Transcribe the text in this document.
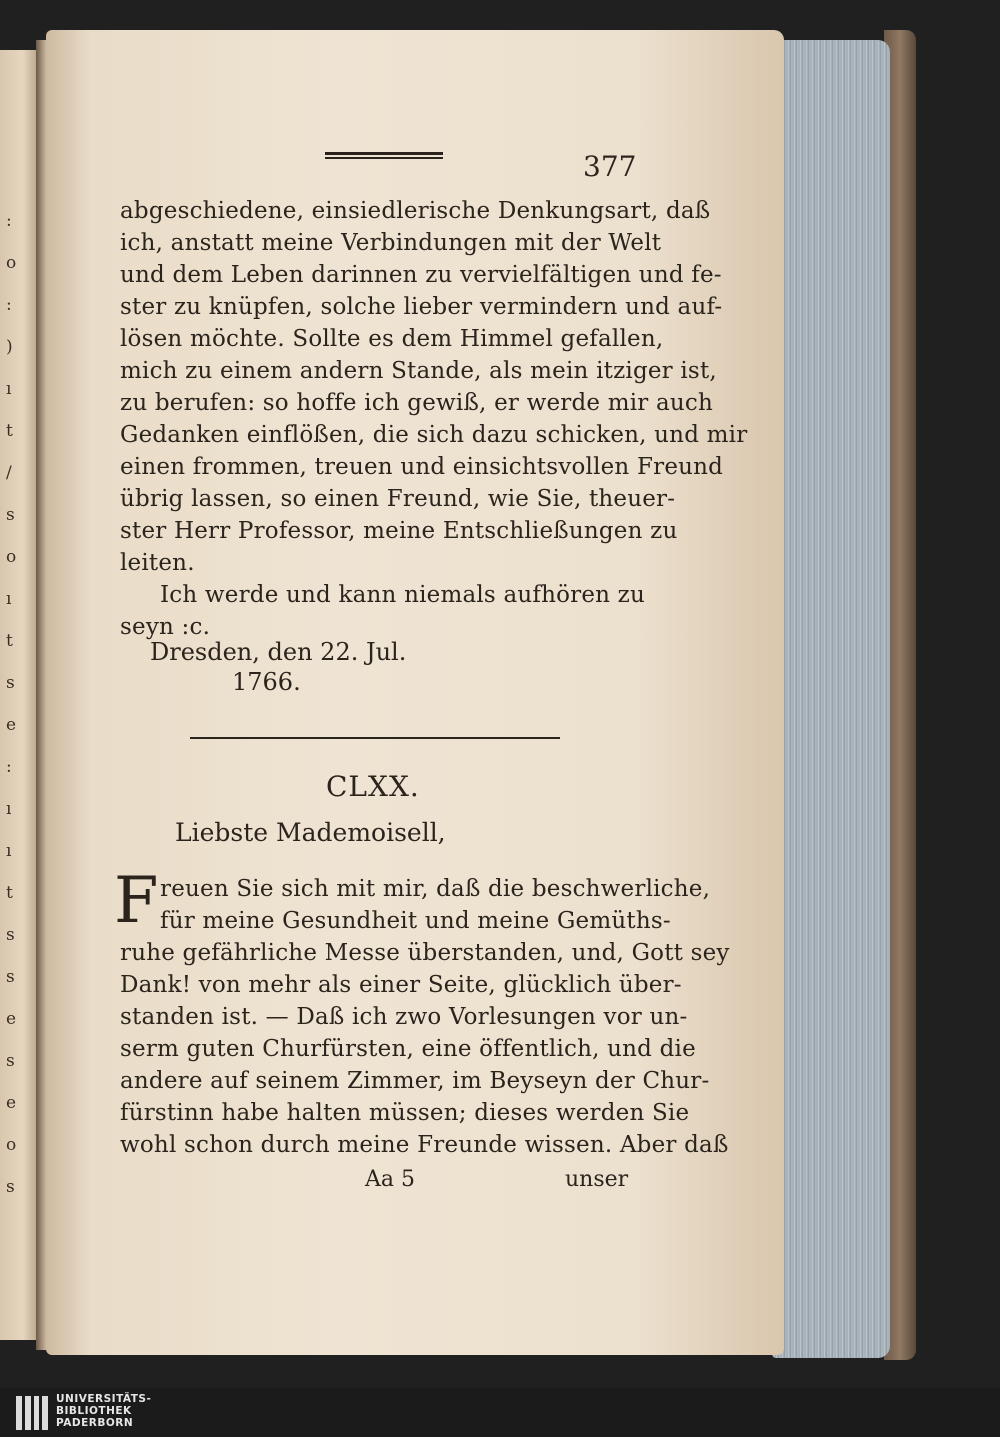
:
o
:
)
ı
t
/
s
o
ı
t
s
e
:
ı
ı
t
s
s
e
s
e
o
s
377
abgeschiedene, einsiedlerische Denkungsart, daß
ich, anstatt meine Verbindungen mit der Welt
und dem Leben darinnen zu vervielfältigen und fe-
ster zu knüpfen, solche lieber vermindern und auf-
lösen möchte. Sollte es dem Himmel gefallen,
mich zu einem andern Stande, als mein itziger ist,
zu berufen: so hoffe ich gewiß, er werde mir auch
Gedanken einflößen, die sich dazu schicken, und mir
einen frommen, treuen und einsichtsvollen Freund
übrig lassen, so einen Freund, wie Sie, theuer-
ster Herr Professor, meine Entschließungen zu
leiten.
Ich werde und kann niemals aufhören zu
seyn :c.
Dresden, den 22. Jul.
1766.
CLXX.
Liebste Mademoisell,
F reuen Sie sich mit mir, daß die beschwerliche,
für meine Gesundheit und meine Gemüths-
ruhe gefährliche Messe überstanden, und, Gott sey
Dank! von mehr als einer Seite, glücklich über-
standen ist. — Daß ich zwo Vorlesungen vor un-
serm guten Churfürsten, eine öffentlich, und die
andere auf seinem Zimmer, im Beyseyn der Chur-
fürstinn habe halten müssen; dieses werden Sie
wohl schon durch meine Freunde wissen. Aber daß
Aa 5	unser
UNIVERSITÄTS-
BIBLIOTHEK
PADERBORN
